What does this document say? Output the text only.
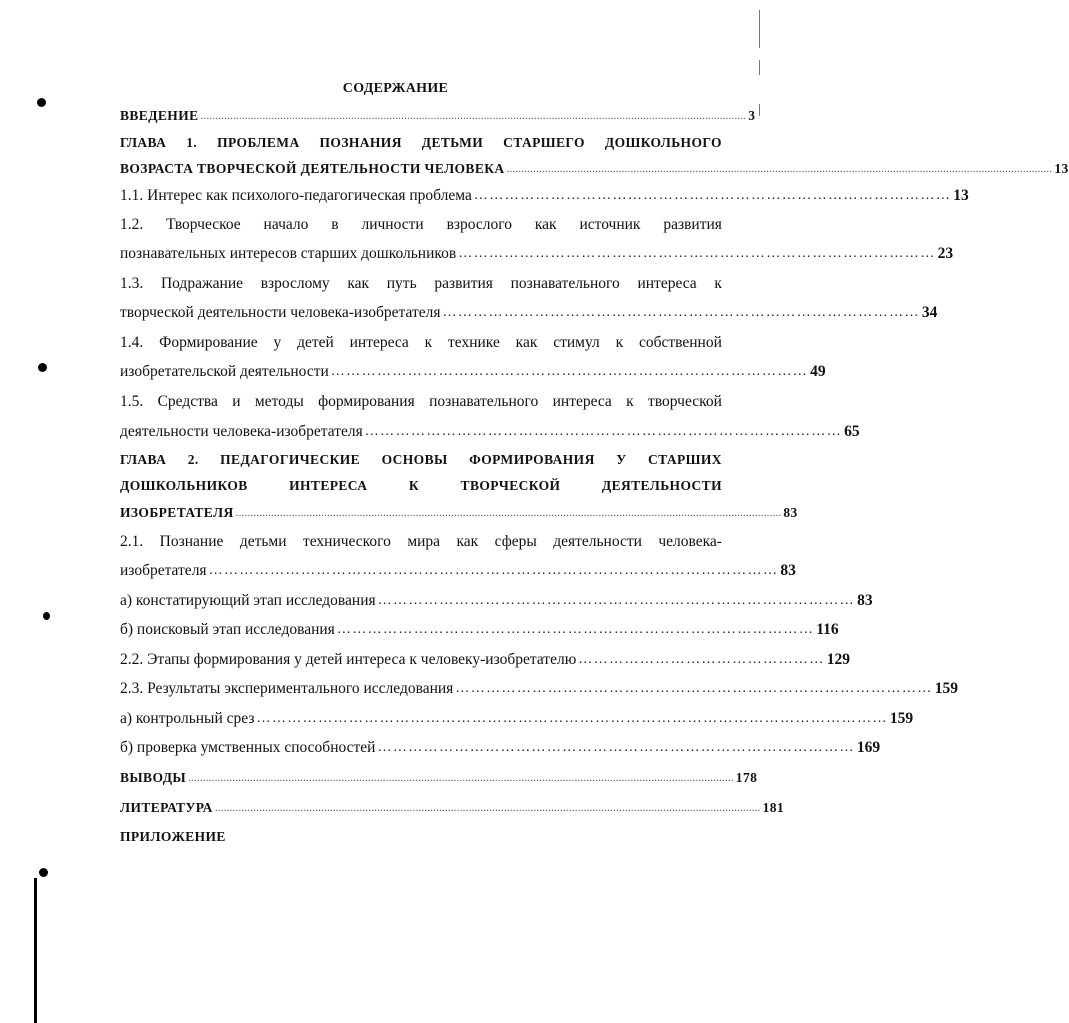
СОДЕРЖАНИЕ
ВВЕДЕНИЕ ......................................................................................................................................................................................... 3
ГЛАВА 1. ПРОБЛЕМА ПОЗНАНИЯ ДЕТЬМИ СТАРШЕГО ДОШКОЛЬНОГО
ВОЗРАСТА ТВОРЧЕСКОЙ ДЕЯТЕЛЬНОСТИ ЧЕЛОВЕКА ......................................................................................................................................................................................... 13
1.1. Интерес как психолого-педагогическая проблема ………………………………………………………………………………… 13
1.2. Творческое начало в личности взрослого как источник развития
познавательных интересов старших дошкольников ………………………………………………………………………………… 23
1.3. Подражание взрослому как путь развития познавательного интереса к
творческой деятельности человека-изобретателя ………………………………………………………………………………… 34
1.4. Формирование у детей интереса к технике как стимул к собственной
изобретательской деятельности ………………………………………………………………………………… 49
1.5. Средства и методы формирования познавательного интереса к творческой
деятельности человека-изобретателя ………………………………………………………………………………… 65
ГЛАВА 2. ПЕДАГОГИЧЕСКИЕ ОСНОВЫ ФОРМИРОВАНИЯ У СТАРШИХ
ДОШКОЛЬНИКОВ	ИНТЕРЕСА	К	ТВОРЧЕСКОЙ	ДЕЯТЕЛЬНОСТИ
ИЗОБРЕТАТЕЛЯ ......................................................................................................................................................................................... 83
2.1. Познание детьми технического мира как сферы деятельности человека-
изобретателя ………………………………………………………………………………………………… 83
а) констатирующий этап исследования ………………………………………………………………………………… 83
б) поисковый этап исследования ………………………………………………………………………………… 116
2.2. Этапы формирования у детей интереса к человеку-изобретателю ………………………………………… 129
2.3. Результаты экспериментального исследования ………………………………………………………………………………… 159
а) контрольный срез …………………………………………………………………………………………………………… 159
б) проверка умственных способностей ………………………………………………………………………………… 169
ВЫВОДЫ ......................................................................................................................................................................................... 178
ЛИТЕРАТУРА ......................................................................................................................................................................................... 181
ПРИЛОЖЕНИЕ
